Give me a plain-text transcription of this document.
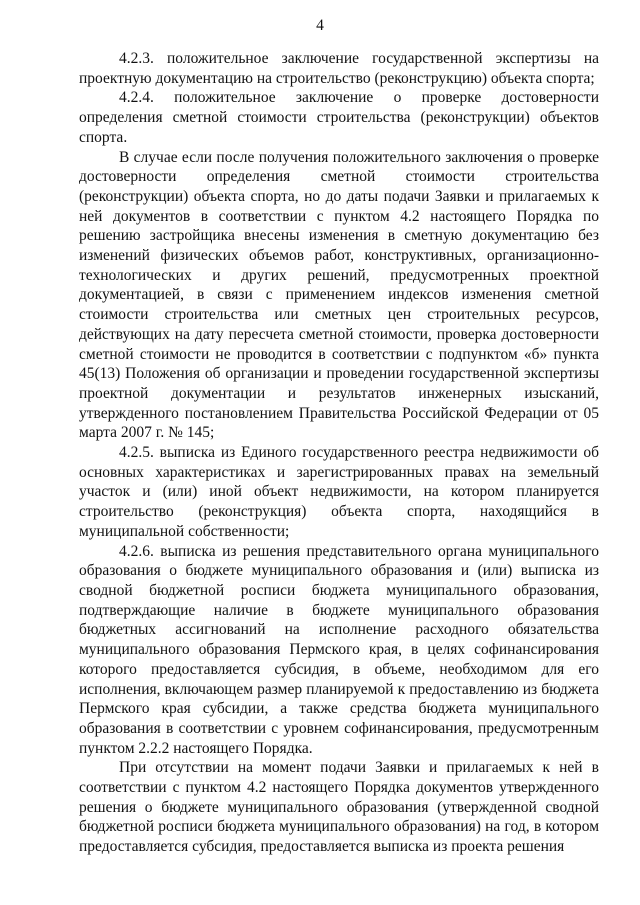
4

4.2.3. положительное заключение государственной экспертизы на проектную документацию на строительство (реконструкцию) объекта спорта;

4.2.4. положительное заключение о проверке достоверности определения сметной стоимости строительства (реконструкции) объектов спорта.

В случае если после получения положительного заключения о проверке достоверности определения сметной стоимости строительства (реконструкции) объекта спорта, но до даты подачи Заявки и прилагаемых к ней документов в соответствии с пунктом 4.2 настоящего Порядка по решению застройщика внесены изменения в сметную документацию без изменений физических объемов работ, конструктивных, организационно-технологических и других решений, предусмотренных проектной документацией, в связи с применением индексов изменения сметной стоимости строительства или сметных цен строительных ресурсов, действующих на дату пересчета сметной стоимости, проверка достоверности сметной стоимости не проводится в соответствии с подпунктом «б» пункта 45(13) Положения об организации и проведении государственной экспертизы проектной документации и результатов инженерных изысканий, утвержденного постановлением Правительства Российской Федерации от 05 марта 2007 г. № 145;

4.2.5. выписка из Единого государственного реестра недвижимости об основных характеристиках и зарегистрированных правах на земельный участок и (или) иной объект недвижимости, на котором планируется строительство (реконструкция) объекта спорта, находящийся в муниципальной собственности;

4.2.6. выписка из решения представительного органа муниципального образования о бюджете муниципального образования и (или) выписка из сводной бюджетной росписи бюджета муниципального образования, подтверждающие наличие в бюджете муниципального образования бюджетных ассигнований на исполнение расходного обязательства муниципального образования Пермского края, в целях софинансирования которого предоставляется субсидия, в объеме, необходимом для его исполнения, включающем размер планируемой к предоставлению из бюджета Пермского края субсидии, а также средства бюджета муниципального образования в соответствии с уровнем софинансирования, предусмотренным пунктом 2.2.2 настоящего Порядка.

При отсутствии на момент подачи Заявки и прилагаемых к ней в соответствии с пунктом 4.2 настоящего Порядка документов утвержденного решения о бюджете муниципального образования (утвержденной сводной бюджетной росписи бюджета муниципального образования) на год, в котором предоставляется субсидия, предоставляется выписка из проекта решения
